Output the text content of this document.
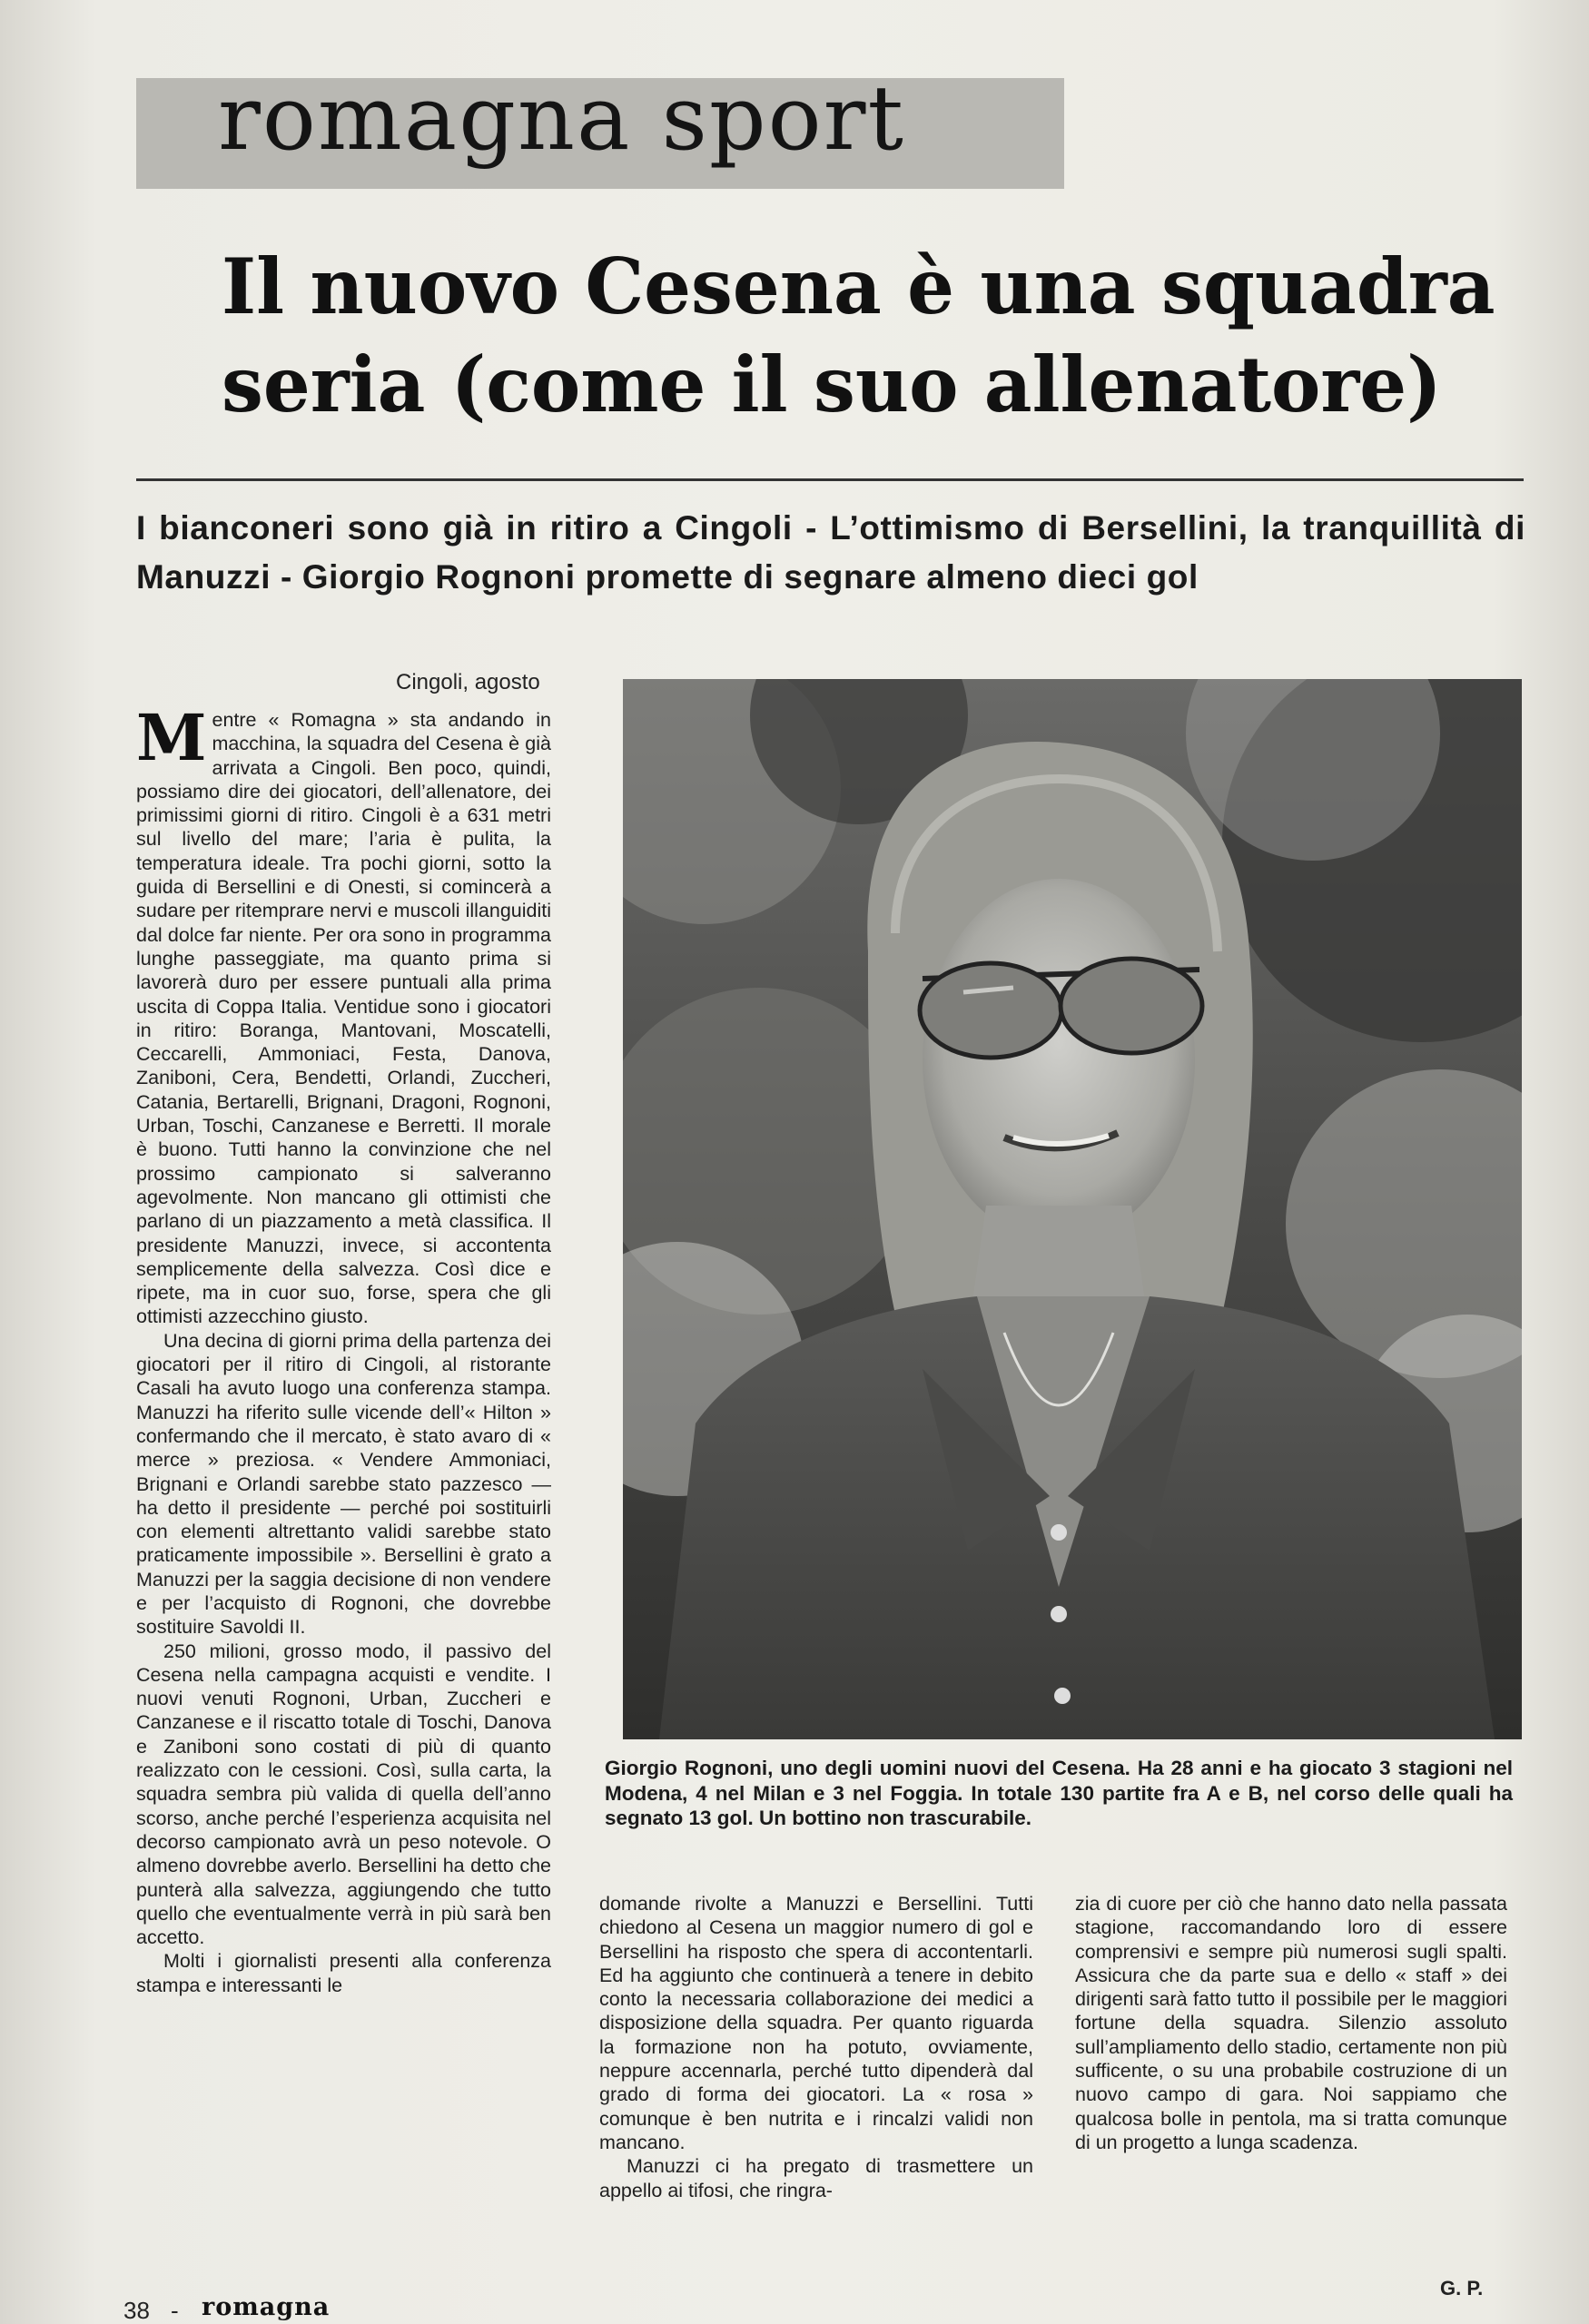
romagna sport
Il nuovo Cesena è una squadra
seria (come il suo allenatore)
I bianconeri sono già in ritiro a Cingoli - L’ottimismo di Bersellini, la tranquillità di Manuzzi - Giorgio Rognoni promette di segnare almeno dieci gol
Cingoli, agosto
M entre « Romagna » sta andando in macchina, la squadra del Cesena è già arrivata a Cingoli. Ben poco, quindi, possiamo dire dei giocatori, dell’allenatore, dei primissimi giorni di ritiro. Cingoli è a 631 metri sul livello del mare; l’aria è pulita, la temperatura ideale. Tra pochi giorni, sotto la guida di Bersellini e di Onesti, si comincerà a sudare per ritemprare nervi e muscoli illanguiditi dal dolce far niente. Per ora sono in programma lunghe passeggiate, ma quanto prima si lavorerà duro per essere puntuali alla prima uscita di Coppa Italia. Ventidue sono i giocatori in ritiro: Boranga, Mantovani, Moscatelli, Ceccarelli, Ammoniaci, Festa, Danova, Zaniboni, Cera, Bendetti, Orlandi, Zuccheri, Catania, Bertarelli, Brignani, Dragoni, Rognoni, Urban, Toschi, Canzanese e Berretti. Il morale è buono. Tutti hanno la convinzione che nel prossimo campionato si salveranno agevolmente. Non mancano gli ottimisti che parlano di un piazzamento a metà classifica. Il presidente Manuzzi, invece, si accontenta semplicemente della salvezza. Così dice e ripete, ma in cuor suo, forse, spera che gli ottimisti azzecchino giusto.

Una decina di giorni prima della partenza dei giocatori per il ritiro di Cingoli, al ristorante Casali ha avuto luogo una conferenza stampa. Manuzzi ha riferito sulle vicende dell’« Hilton » confermando che il mercato, è stato avaro di « merce » preziosa. « Vendere Ammoniaci, Brignani e Orlandi sarebbe stato pazzesco — ha detto il presidente — perché poi sostituirli con elementi altrettanto validi sarebbe stato praticamente impossibile ». Bersellini è grato a Manuzzi per la saggia decisione di non vendere e per l’acquisto di Rognoni, che dovrebbe sostituire Savoldi II.

250 milioni, grosso modo, il passivo del Cesena nella campagna acquisti e vendite. I nuovi venuti Rognoni, Urban, Zuccheri e Canzanese e il riscatto totale di Toschi, Danova e Zaniboni sono costati di più di quanto realizzato con le cessioni. Così, sulla carta, la squadra sembra più valida di quella dell’anno scorso, anche perché l’esperienza acquisita nel decorso campionato avrà un peso notevole. O almeno dovrebbe averlo. Bersellini ha detto che punterà alla salvezza, aggiungendo che tutto quello che eventualmente verrà in più sarà ben accetto.

Molti i giornalisti presenti alla conferenza stampa e interessanti le

Giorgio Rognoni, uno degli uomini nuovi del Cesena. Ha 28 anni e ha giocato 3 stagioni nel Modena, 4 nel Milan e 3 nel Foggia. In totale 130 partite fra A e B, nel corso delle quali ha segnato 13 gol. Un bottino non trascurabile.

domande rivolte a Manuzzi e Bersellini. Tutti chiedono al Cesena un maggior numero di gol e Bersellini ha risposto che spera di accontentarli. Ed ha aggiunto che continuerà a tenere in debito conto la necessaria collaborazione dei medici a disposizione della squadra. Per quanto riguarda la formazione non ha potuto, ovviamente, neppure accennarla, perché tutto dipenderà dal grado di forma dei giocatori. La « rosa » comunque è ben nutrita e i rincalzi validi non mancano.

Manuzzi ci ha pregato di trasmettere un appello ai tifosi, che ringra-

zia di cuore per ciò che hanno dato nella passata stagione, raccomandando loro di essere comprensivi e sempre più numerosi sugli spalti. Assicura che da parte sua e dello « staff » dei dirigenti sarà fatto tutto il possibile per le maggiori fortune della squadra. Silenzio assoluto sull’ampliamento dello stadio, certamente non più sufficente, o su una probabile costruzione di un nuovo campo di gara. Noi sappiamo che qualcosa bolle in pentola, ma si tratta comunque di un progetto a lunga scadenza.

G. P.
38 - romagna
